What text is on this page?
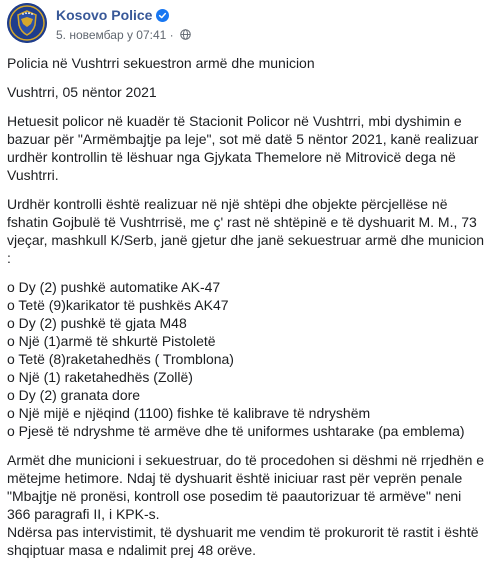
Kosovo Police
5. новембар у 07:41 ·

Policia në Vushtrri sekuestron armë dhe municion

Vushtrri, 05 nëntor 2021

Hetuesit policor në kuadër të Stacionit Policor në Vushtrri, mbi dyshimin e bazuar për "Armëmbajtje pa leje", sot më datë 5 nëntor 2021, kanë realizuar urdhër kontrollin të lëshuar nga Gjykata Themelore në Mitrovicë dega në Vushtrri.

Urdhër kontrolli është realizuar në një shtëpi dhe objekte përcjellëse në fshatin Gojbulë të Vushtrrisë, me ç' rast në shtëpinë e të dyshuarit M. M., 73 vjeçar, mashkull K/Serb, janë gjetur dhe janë sekuestruar armë dhe municion :

o Dy (2) pushkë automatike AK-47
o Tetë (9)karikator të pushkës AK47
o Dy (2) pushkë të gjata M48
o Një (1)armë të shkurtë Pistoletë
o Tetë (8)raketahedhës ( Tromblona)
o Një (1) raketahedhës (Zollë)
o Dy (2) granata dore
o Një mijë e njëqind (1100) fishke të kalibrave të ndryshëm
o Pjesë të ndryshme të armëve dhe të uniformes ushtarake (pa emblema)

Armët dhe municioni i sekuestruar, do të procedohen si dëshmi në rrjedhën e mëtejme hetimore. Ndaj të dyshuarit është iniciuar rast për veprën penale "Mbajtje në pronësi, kontroll ose posedim të paautorizuar të armëve" neni 366 paragrafi II, i KPK-s.

Ndërsa pas intervistimit, të dyshuarit me vendim të prokurorit të rastit i është shqiptuar masa e ndalimit prej 48 orëve.
